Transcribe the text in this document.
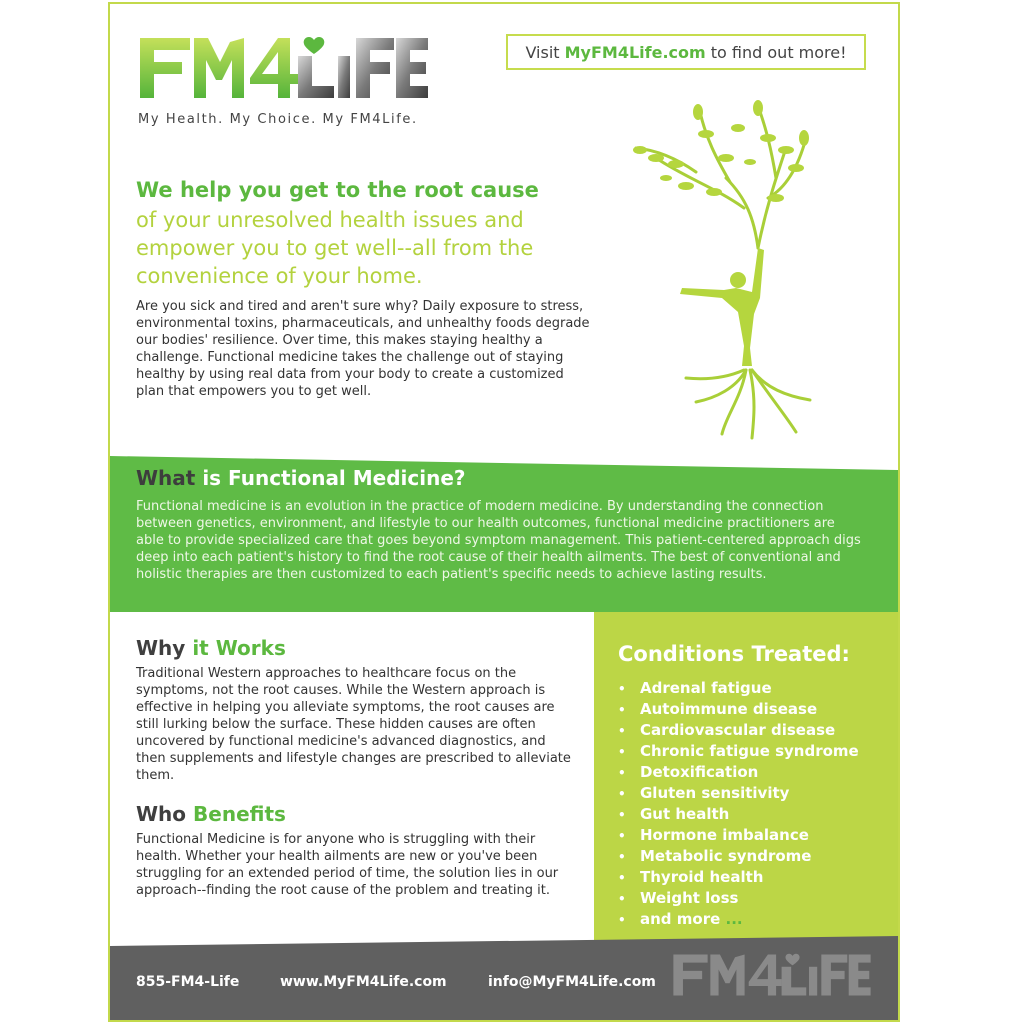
My Health. My Choice. My FM4Life.
Visit
MyFM4Life.com
to find out more!
We help you get to the root cause
of your unresolved health issues and empower you to get well--all from the convenience of your home.
Are you sick and tired and aren't sure why? Daily exposure to stress, environmental toxins, pharmaceuticals, and unhealthy foods degrade our bodies' resilience. Over time, this makes staying healthy a challenge. Functional medicine takes the challenge out of staying healthy by using real data from your body to create a customized plan that empowers you to get well.
What is Functional Medicine?
Functional medicine is an evolution in the practice of modern medicine. By understanding the connection between genetics, environment, and lifestyle to our health outcomes, functional medicine practitioners are able to provide specialized care that goes beyond symptom management. This patient-centered approach digs deep into each patient's history to find the root cause of their health ailments. The best of conventional and holistic therapies are then customized to each patient's specific needs to achieve lasting results.
Why it Works
Traditional Western approaches to healthcare focus on the symptoms, not the root causes. While the Western approach is effective in helping you alleviate symptoms, the root causes are still lurking below the surface. These hidden causes are often uncovered by functional medicine's advanced diagnostics, and then supplements and lifestyle changes are prescribed to alleviate them.
Who Benefits
Functional Medicine is for anyone who is struggling with their health. Whether your health ailments are new or you've been struggling for an extended period of time, the solution lies in our approach--finding the root cause of the problem and treating it.
Conditions Treated:
• Adrenal fatigue
• Autoimmune disease
• Cardiovascular disease
• Chronic fatigue syndrome
• Detoxification
• Gluten sensitivity
• Gut health
• Hormone imbalance
• Metabolic syndrome
• Thyroid health
• Weight loss
• and more ...
855-FM4-Life	www.MyFM4Life.com	info@MyFM4Life.com
